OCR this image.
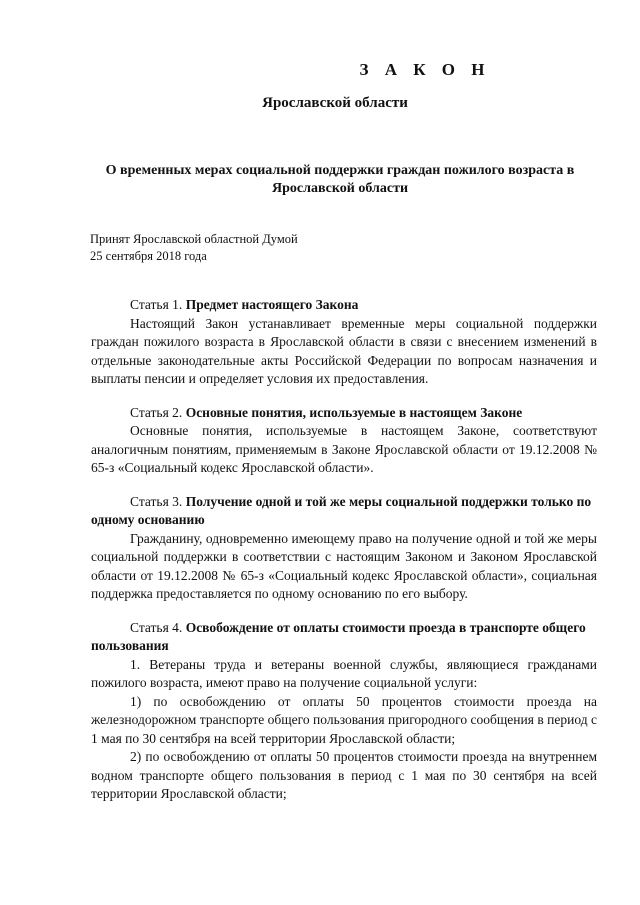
З А К О Н
Ярославской области
О временных мерах социальной поддержки граждан пожилого возраста в Ярославской области
Принят Ярославской областной Думой
25 сентября 2018 года
Статья 1. Предмет настоящего Закона

Настоящий Закон устанавливает временные меры социальной поддержки граждан пожилого возраста в Ярославской области в связи с внесением изменений в отдельные законодательные акты Российской Федерации по вопросам назначения и выплаты пенсии и определяет условия их предоставления.

Статья 2. Основные понятия, используемые в настоящем Законе

Основные понятия, используемые в настоящем Законе, соответствуют аналогичным понятиям, применяемым в Законе Ярославской области от 19.12.2008 № 65-з «Социальный кодекс Ярославской области».

Статья 3. Получение одной и той же меры социальной поддержки только по одному основанию

Гражданину, одновременно имеющему право на получение одной и той же меры социальной поддержки в соответствии с настоящим Законом и Законом Ярославской области от 19.12.2008 № 65-з «Социальный кодекс Ярославской области», социальная поддержка предоставляется по одному основанию по его выбору.

Статья 4. Освобождение от оплаты стоимости проезда в транспорте общего пользования

1. Ветераны труда и ветераны военной службы, являющиеся гражданами пожилого возраста, имеют право на получение социальной услуги:

1) по освобождению от оплаты 50 процентов стоимости проезда на железнодорожном транспорте общего пользования пригородного сообщения в период с 1 мая по 30 сентября на всей территории Ярославской области;

2) по освобождению от оплаты 50 процентов стоимости проезда на внутреннем водном транспорте общего пользования в период с 1 мая по 30 сентября на всей территории Ярославской области;
